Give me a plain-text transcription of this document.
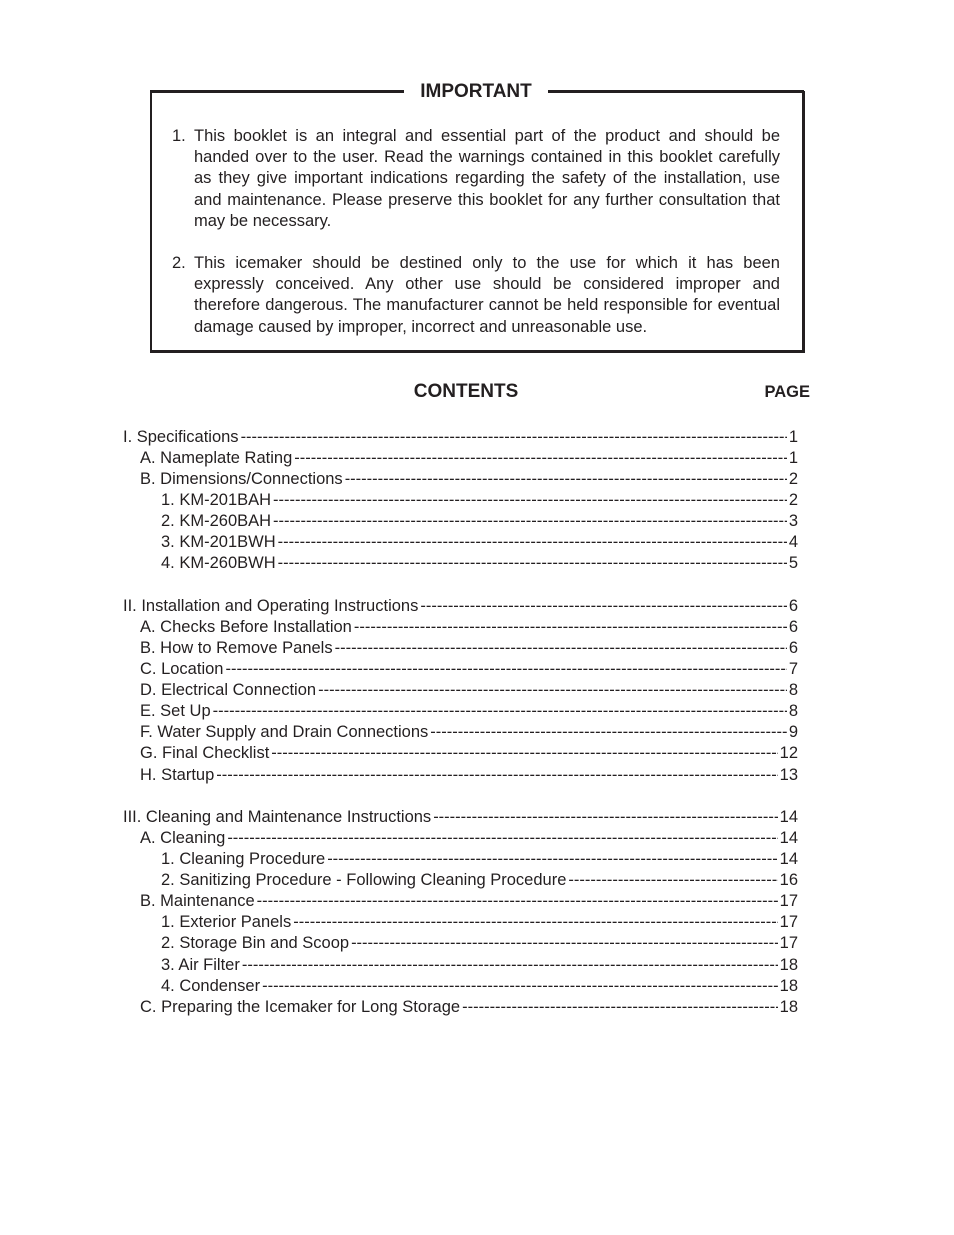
IMPORTANT
1. This booklet is an integral and essential part of the product and should be handed over to the user. Read the warnings contained in this booklet carefully as they give important indications regarding the safety of the installation, use and maintenance. Please preserve this booklet for any further consultation that may be necessary.
2. This icemaker should be destined only to the use for which it has been expressly conceived. Any other use should be considered improper and therefore dangerous. The manufacturer cannot be held responsible for eventual damage caused by improper, incorrect and unreasonable use.
CONTENTS	PAGE
I. Specifications -----	1
A. Nameplate Rating -----	1
B. Dimensions/Connections -----	2
1. KM-201BAH -----	2
2. KM-260BAH -----	3
3. KM-201BWH -----	4
4. KM-260BWH -----	5
II. Installation and Operating Instructions -----	6
A. Checks Before Installation -----	6
B. How to Remove Panels -----	6
C. Location -----	7
D. Electrical Connection -----	8
E. Set Up -----	8
F. Water Supply and Drain Connections -----	9
G. Final Checklist -----	12
H. Startup -----	13
III. Cleaning and Maintenance Instructions -----	14
A. Cleaning -----	14
1. Cleaning Procedure -----	14
2. Sanitizing Procedure - Following Cleaning Procedure -----	16
B. Maintenance -----	17
1. Exterior Panels -----	17
2. Storage Bin and Scoop -----	17
3. Air Filter -----	18
4. Condenser -----	18
C. Preparing the Icemaker for Long Storage -----	18
